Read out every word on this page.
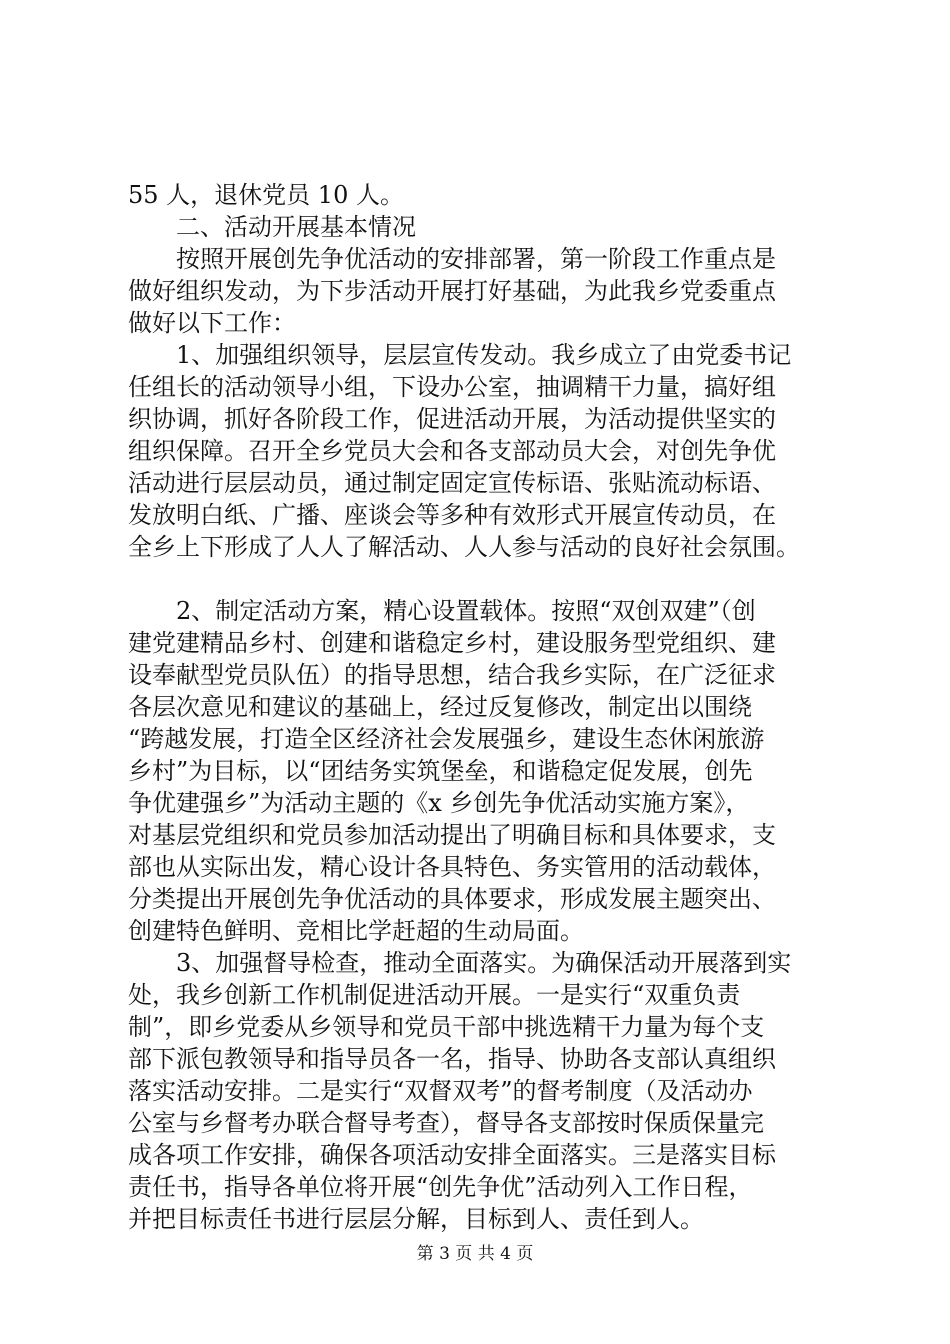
55 人，退休党员 10 人。
　　二、活动开展基本情况
　　按照开展创先争优活动的安排部署，第一阶段工作重点是
做好组织发动，为下步活动开展打好基础，为此我乡党委重点
做好以下工作：
　　1、加强组织领导，层层宣传发动。我乡成立了由党委书记
任组长的活动领导小组，下设办公室，抽调精干力量，搞好组
织协调，抓好各阶段工作，促进活动开展，为活动提供坚实的
组织保障。召开全乡党员大会和各支部动员大会，对创先争优
活动进行层层动员，通过制定固定宣传标语、张贴流动标语、
发放明白纸、广播、座谈会等多种有效形式开展宣传动员，在
全乡上下形成了人人了解活动、人人参与活动的良好社会氛围。
　　2、制定活动方案，精心设置载体。按照“双创双建”（创
建党建精品乡村、创建和谐稳定乡村，建设服务型党组织、建
设奉献型党员队伍）的指导思想，结合我乡实际，在广泛征求
各层次意见和建议的基础上，经过反复修改，制定出以围绕
“跨越发展，打造全区经济社会发展强乡，建设生态休闲旅游
乡村”为目标，以“团结务实筑堡垒，和谐稳定促发展，创先
争优建强乡”为活动主题的《x 乡创先争优活动实施方案》，
对基层党组织和党员参加活动提出了明确目标和具体要求，支
部也从实际出发，精心设计各具特色、务实管用的活动载体，
分类提出开展创先争优活动的具体要求，形成发展主题突出、
创建特色鲜明、竞相比学赶超的生动局面。
　　3、加强督导检查，推动全面落实。为确保活动开展落到实
处，我乡创新工作机制促进活动开展。一是实行“双重负责
制”，即乡党委从乡领导和党员干部中挑选精干力量为每个支
部下派包教领导和指导员各一名，指导、协助各支部认真组织
落实活动安排。二是实行“双督双考”的督考制度（及活动办
公室与乡督考办联合督导考查），督导各支部按时保质保量完
成各项工作安排，确保各项活动安排全面落实。三是落实目标
责任书，指导各单位将开展“创先争优”活动列入工作日程，
并把目标责任书进行层层分解，目标到人、责任到人。
第 3 页 共 4 页
